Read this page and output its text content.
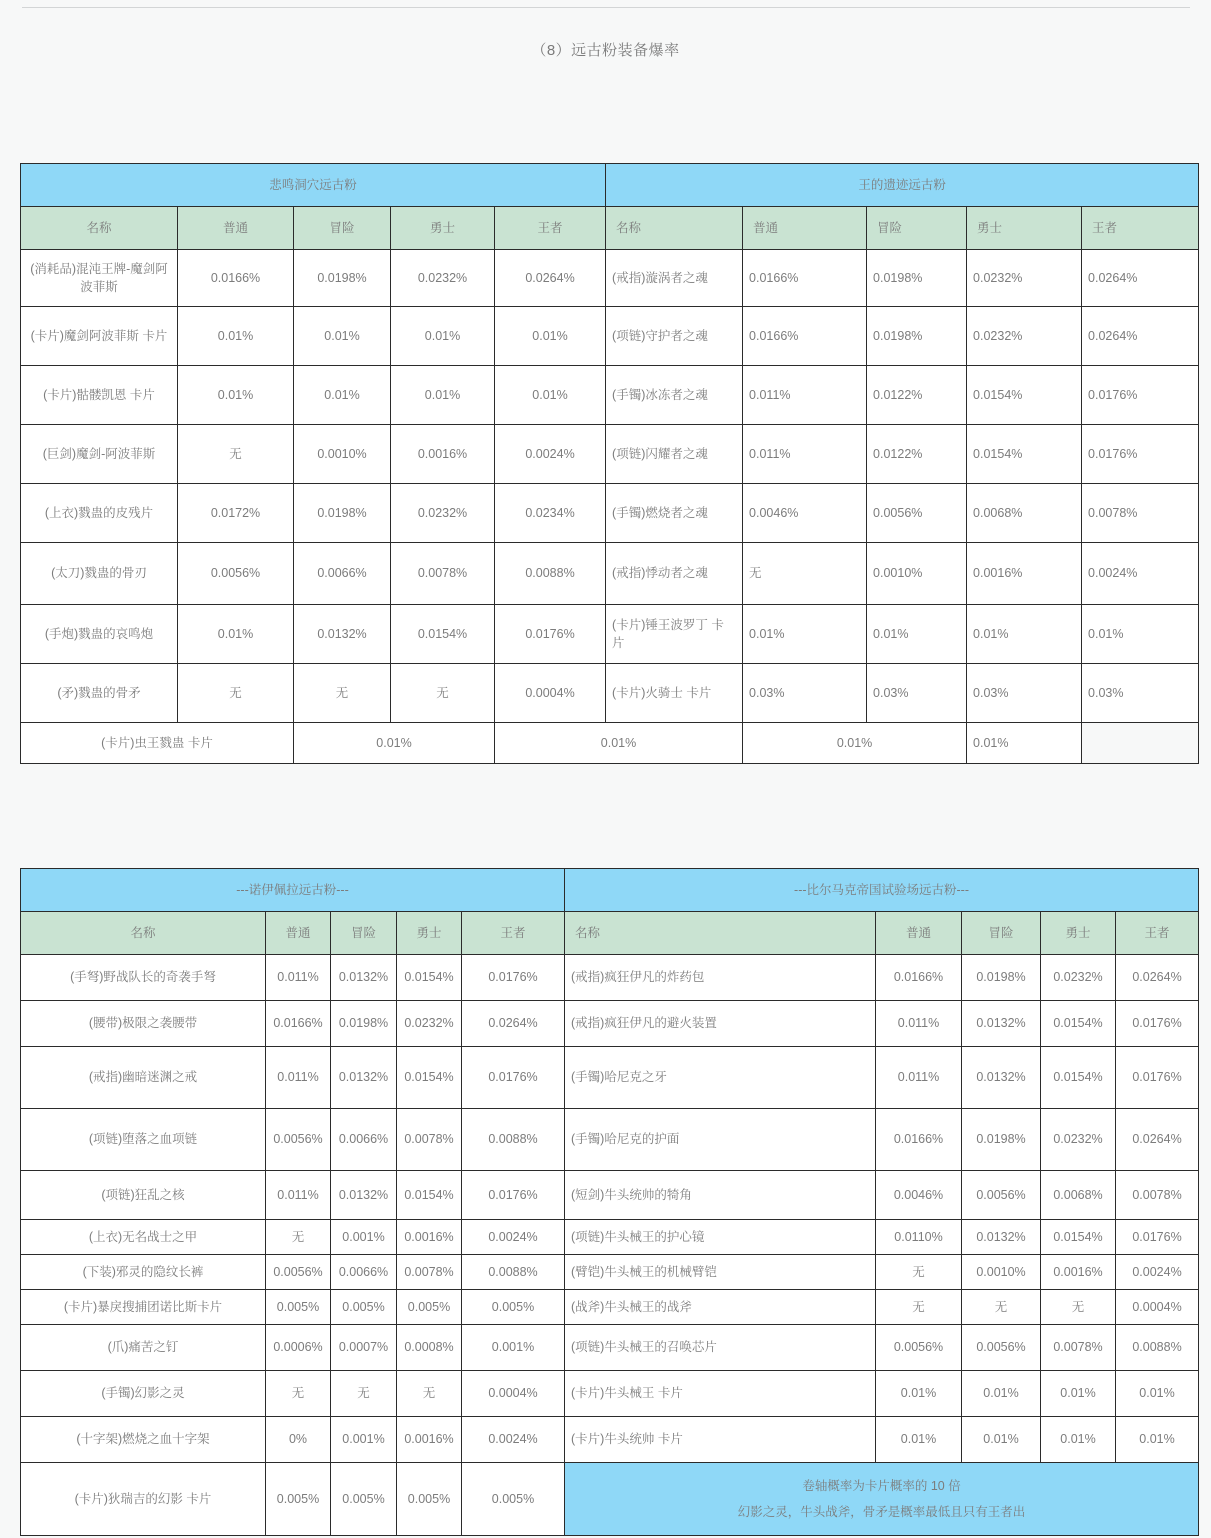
（8）远古粉装备爆率
悲鸣洞穴远古粉					王的遗迹远古粉				
名称	普通	冒险	勇士	王者	名称	普通	冒险	勇士	王者
(消耗品)混沌王牌-魔剑阿波菲斯	0.0166%	0.0198%	0.0232%	0.0264%	(戒指)漩涡者之魂	0.0166%	0.0198%	0.0232%	0.0264%
(卡片)魔剑阿波菲斯 卡片	0.01%	0.01%	0.01%	0.01%	(项链)守护者之魂	0.0166%	0.0198%	0.0232%	0.0264%
(卡片)骷髅凯恩 卡片	0.01%	0.01%	0.01%	0.01%	(手镯)冰冻者之魂	0.011%	0.0122%	0.0154%	0.0176%
(巨剑)魔剑-阿波菲斯	无	0.0010%	0.0016%	0.0024%	(项链)闪耀者之魂	0.011%	0.0122%	0.0154%	0.0176%
(上衣)戮蛊的皮残片	0.0172%	0.0198%	0.0232%	0.0234%	(手镯)燃烧者之魂	0.0046%	0.0056%	0.0068%	0.0078%
(太刀)戮蛊的骨刃	0.0056%	0.0066%	0.0078%	0.0088%	(戒指)悸动者之魂	无	0.0010%	0.0016%	0.0024%
(手炮)戮蛊的哀鸣炮	0.01%	0.0132%	0.0154%	0.0176%	(卡片)锤王波罗丁 卡片	0.01%	0.01%	0.01%	0.01%
(矛)戮蛊的骨矛	无	无	无	0.0004%	(卡片)火骑士 卡片	0.03%	0.03%	0.03%	0.03%
(卡片)虫王戮蛊 卡片		0.01%		0.01%		0.01%		0.01%	
---诺伊佩拉远古粉---					---比尔马克帝国试验场远古粉---				
名称	普通	冒险	勇士	王者	名称	普通	冒险	勇士	王者
(手弩)野战队长的奇袭手弩	0.011%	0.0132%	0.0154%	0.0176%	(戒指)疯狂伊凡的炸药包	0.0166%	0.0198%	0.0232%	0.0264%
(腰带)极限之袭腰带	0.0166%	0.0198%	0.0232%	0.0264%	(戒指)疯狂伊凡的避火装置	0.011%	0.0132%	0.0154%	0.0176%
(戒指)幽暗迷渊之戒	0.011%	0.0132%	0.0154%	0.0176%	(手镯)哈尼克之牙	0.011%	0.0132%	0.0154%	0.0176%
(项链)堕落之血项链	0.0056%	0.0066%	0.0078%	0.0088%	(手镯)哈尼克的护面	0.0166%	0.0198%	0.0232%	0.0264%
(项链)狂乱之核	0.011%	0.0132%	0.0154%	0.0176%	(短剑)牛头统帅的犄角	0.0046%	0.0056%	0.0068%	0.0078%
(上衣)无名战士之甲	无	0.001%	0.0016%	0.0024%	(项链)牛头械王的护心镜	0.0110%	0.0132%	0.0154%	0.0176%
(下装)邪灵的隐纹长裤	0.0056%	0.0066%	0.0078%	0.0088%	(臂铠)牛头械王的机械臂铠	无	0.0010%	0.0016%	0.0024%
(卡片)暴戾搜捕团诺比斯卡片	0.005%	0.005%	0.005%	0.005%	(战斧)牛头械王的战斧	无	无	无	0.0004%
(爪)痛苦之钉	0.0006%	0.0007%	0.0008%	0.001%	(项链)牛头械王的召唤芯片	0.0056%	0.0056%	0.0078%	0.0088%
(手镯)幻影之灵	无	无	无	0.0004%	(卡片)牛头械王 卡片	0.01%	0.01%	0.01%	0.01%
(十字架)燃烧之血十字架	0%	0.001%	0.0016%	0.0024%	(卡片)牛头统帅 卡片	0.01%	0.01%	0.01%	0.01%
(卡片)狄瑞吉的幻影 卡片	0.005%	0.005%	0.005%	0.005%	卷轴概率为卡片概率的 10 倍
幻影之灵，牛头战斧，骨矛是概率最低且只有王者出				
